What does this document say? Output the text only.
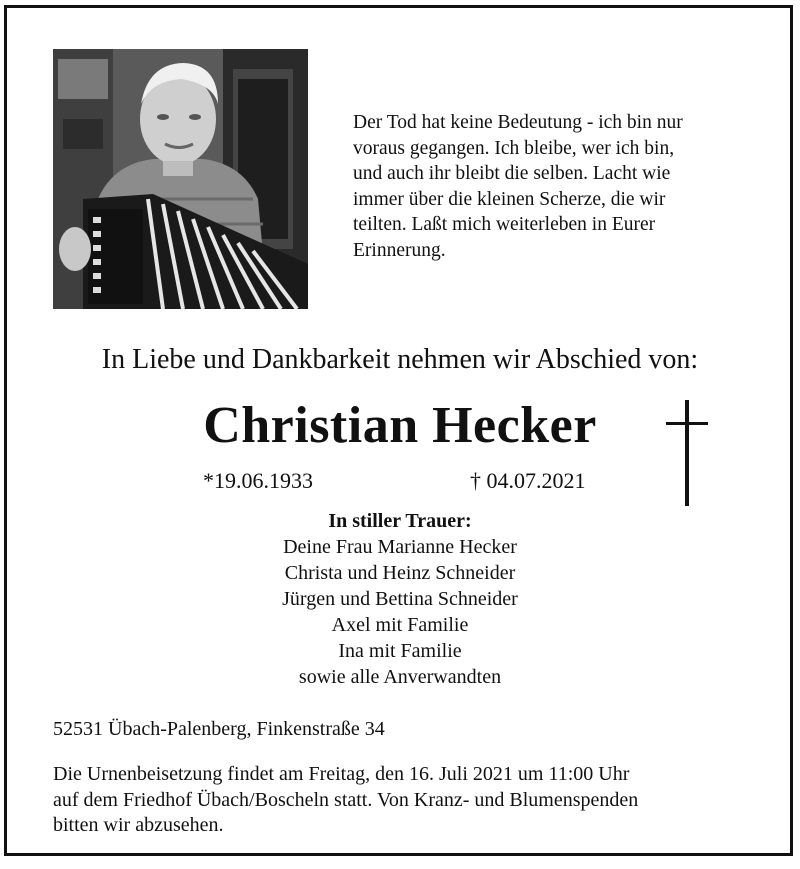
Der Tod hat keine Bedeutung - ich bin nur
voraus gegangen. Ich bleibe, wer ich bin,
und auch ihr bleibt die selben. Lacht wie
immer über die kleinen Scherze, die wir
teilten. Laßt mich weiterleben in Eurer
Erinnerung.
In Liebe und Dankbarkeit nehmen wir Abschied von:
Christian Hecker
*19.06.1933	† 04.07.2021
In stiller Trauer:
Deine Frau Marianne Hecker
Christa und Heinz Schneider
Jürgen und Bettina Schneider
Axel mit Familie
Ina mit Familie
sowie alle Anverwandten
52531 Übach-Palenberg, Finkenstraße 34
Die Urnenbeisetzung findet am Freitag, den 16. Juli 2021 um 11:00 Uhr
auf dem Friedhof Übach/Boscheln statt. Von Kranz- und Blumenspenden
bitten wir abzusehen.
